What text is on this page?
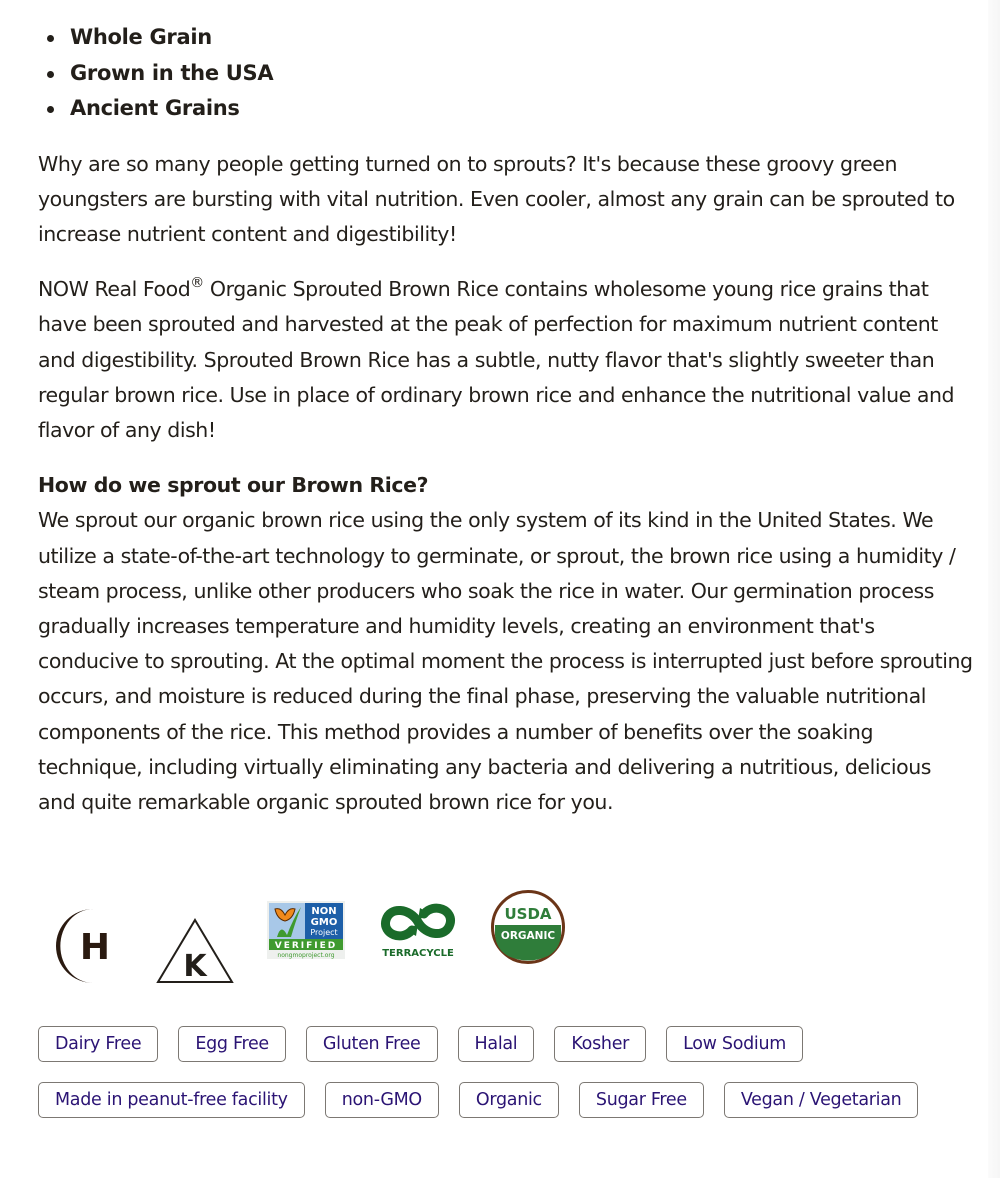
Whole Grain
Grown in the USA
Ancient Grains

Why are so many people getting turned on to sprouts? It's because these groovy green youngsters are bursting with vital nutrition. Even cooler, almost any grain can be sprouted to increase nutrient content and digestibility!

NOW Real Food® Organic Sprouted Brown Rice contains wholesome young rice grains that have been sprouted and harvested at the peak of perfection for maximum nutrient content and digestibility. Sprouted Brown Rice has a subtle, nutty flavor that's slightly sweeter than regular brown rice. Use in place of ordinary brown rice and enhance the nutritional value and flavor of any dish!

How do we sprout our Brown Rice?

We sprout our organic brown rice using the only system of its kind in the United States. We utilize a state-of-the-art technology to germinate, or sprout, the brown rice using a humidity / steam process, unlike other producers who soak the rice in water. Our germination process gradually increases temperature and humidity levels, creating an environment that's conducive to sprouting. At the optimal moment the process is interrupted just before sprouting occurs, and moisture is reduced during the final phase, preserving the valuable nutritional components of the rice. This method provides a number of benefits over the soaking technique, including virtually eliminating any bacteria and delivering a nutritious, delicious and quite remarkable organic sprouted brown rice for you.

H K
NON
GMO
Project
VERIFIED
nongmoproject.org	TERRACYCLE
USDA
ORGANIC
Dairy Free	Egg Free	Gluten Free	Halal	Kosher	Low Sodium
Made in peanut-free facility	non-GMO	Organic	Sugar Free	Vegan / Vegetarian
